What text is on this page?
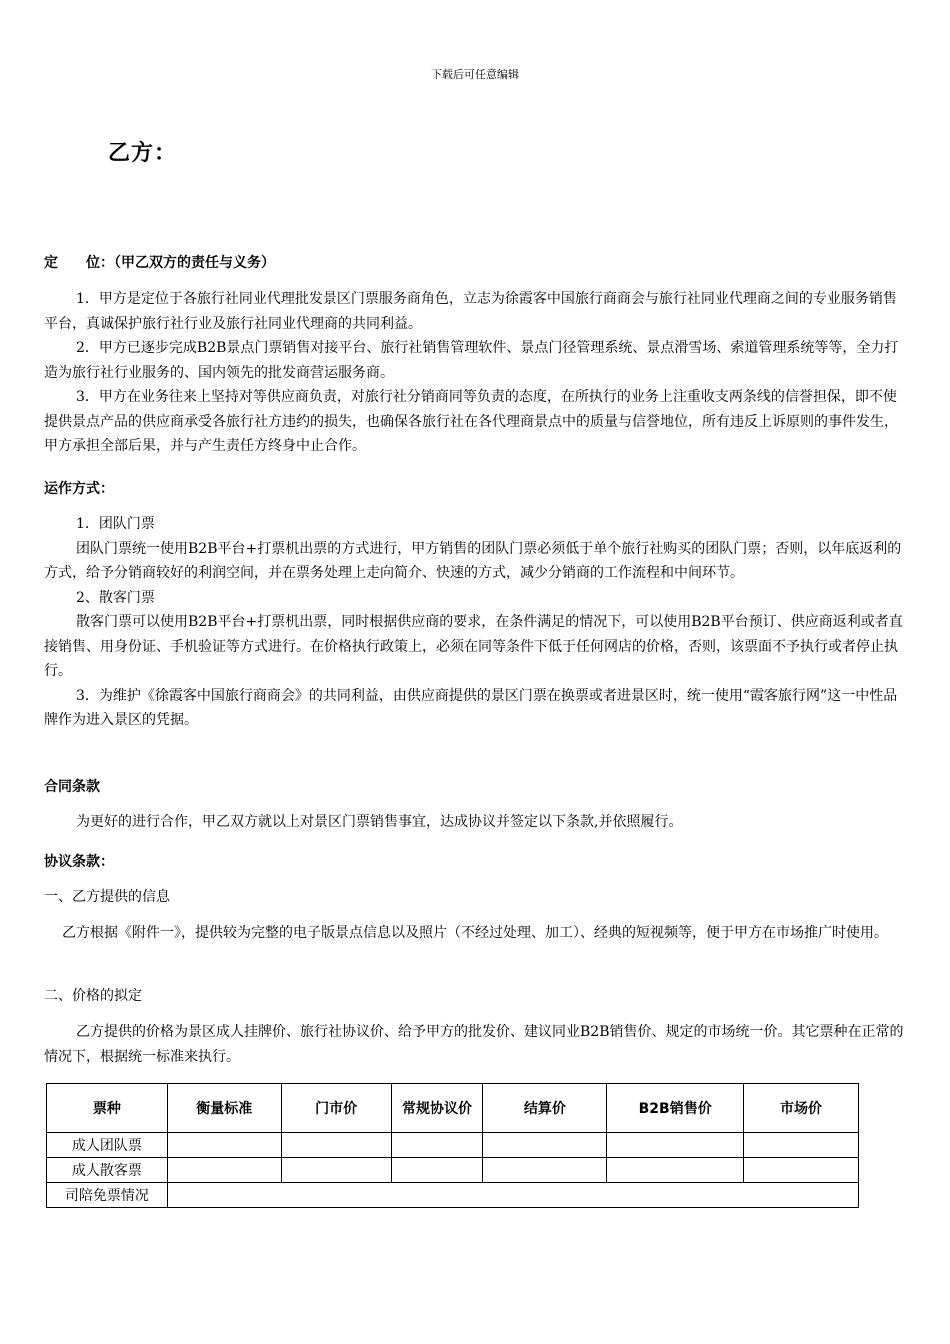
下载后可任意编辑
乙方：
定　　位：（甲乙双方的责任与义务）

1．甲方是定位于各旅行社同业代理批发景区门票服务商角色，立志为徐霞客中国旅行商商会与旅行社同业代理商之间的专业服务销售平台，真诚保护旅行社行业及旅行社同业代理商的共同利益。

2．甲方已逐步完成B2B景点门票销售对接平台、旅行社销售管理软件、景点门径管理系统、景点滑雪场、索道管理系统等等，全力打造为旅行社行业服务的、国内领先的批发商营运服务商。

3．甲方在业务往来上坚持对等供应商负责，对旅行社分销商同等负责的态度，在所执行的业务上注重收支两条线的信誉担保，即不使提供景点产品的供应商承受各旅行社方违约的损失，也确保各旅行社在各代理商景点中的质量与信誉地位，所有违反上诉原则的事件发生，甲方承担全部后果，并与产生责任方终身中止合作。

运作方式：

1．团队门票

团队门票统一使用B2B平台+打票机出票的方式进行，甲方销售的团队门票必须低于单个旅行社购买的团队门票；否则，以年底返利的方式，给予分销商较好的利润空间，并在票务处理上走向简介、快速的方式，减少分销商的工作流程和中间环节。

2、散客门票

散客门票可以使用B2B平台+打票机出票，同时根据供应商的要求，在条件满足的情况下，可以使用B2B平台预订、供应商返利或者直接销售、用身份证、手机验证等方式进行。在价格执行政策上，必须在同等条件下低于任何网店的价格，否则，该票面不予执行或者停止执行。

3．为维护《徐霞客中国旅行商商会》的共同利益，由供应商提供的景区门票在换票或者进景区时，统一使用“霞客旅行网”这一中性品牌作为进入景区的凭据。

合同条款

为更好的进行合作，甲乙双方就以上对景区门票销售事宜，达成协议并签定以下条款,并依照履行。

协议条款：
一、乙方提供的信息

乙方根据《附件一》，提供较为完整的电子版景点信息以及照片（不经过处理、加工）、经典的短视频等，便于甲方在市场推广时使用。

二、价格的拟定

乙方提供的价格为景区成人挂牌价、旅行社协议价、给予甲方的批发价、建议同业B2B销售价、规定的市场统一价。其它票种在正常的情况下，根据统一标准来执行。

票种	衡量标准	门市价	常规协议价	结算价	B2B销售价	市场价
成人团队票						
成人散客票						
司陪免票情况						
